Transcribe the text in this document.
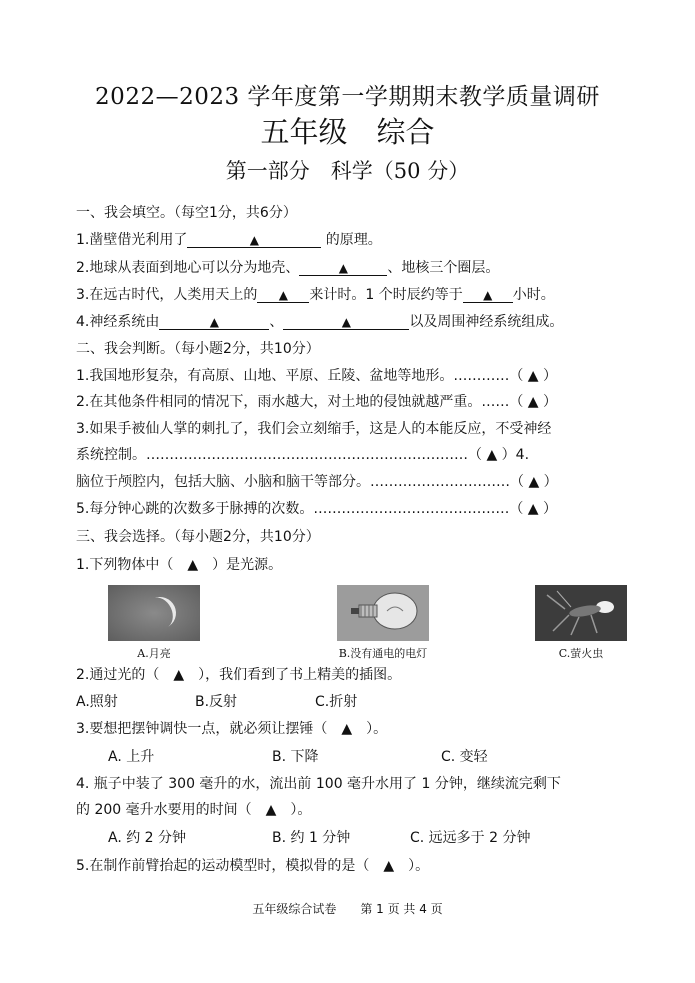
2022—2023 学年度第一学期期末教学质量调研
五年级　综合
第一部分　科学（50 分）
一、我会填空。（每空1分，共6分）
1.凿壁借光利用了	▲	的原理。
2.地球从表面到地心可以分为地壳、	▲	、地核三个圈层。
3.在远古时代，人类用天上的 ▲ 来计时。1 个时辰约等于 ▲ 小时。
4.神经系统由	▲	、	▲	以及周围神经系统组成。
二、我会判断。（每小题2分，共10分）
1.我国地形复杂，有高原、山地、平原、丘陵、盆地等地形。…………（ ▲ ）
2.在其他条件相同的情况下，雨水越大，对土地的侵蚀就越严重。……（ ▲ ）
3.如果手被仙人掌的刺扎了，我们会立刻缩手，这是人的本能反应，不受神经
系统控制。……………………………………………………………（ ▲ ）4.
脑位于颅腔内，包括大脑、小脑和脑干等部分。…………………………（ ▲ ）
5.每分钟心跳的次数多于脉搏的次数。……………………………………（ ▲ ）
三、我会选择。（每小题2分，共10分）
1.下列物体中（　▲　）是光源。
A.月亮	B.没有通电的电灯	C.萤火虫
2.通过光的（　▲　），我们看到了书上精美的插图。
A.照射	B.反射	C.折射
3.要想把摆钟调快一点，就必须让摆锤（　▲　）。
A. 上升	B. 下降	C. 变轻
4. 瓶子中装了 300 毫升的水，流出前 100 毫升水用了 1 分钟，继续流完剩下
的 200 毫升水要用的时间（　▲　）。
A. 约 2 分钟	B. 约 1 分钟	C. 远远多于 2 分钟
5.在制作前臂抬起的运动模型时，模拟骨的是（　▲　）。
五年级综合试卷　　第 1 页 共 4 页
